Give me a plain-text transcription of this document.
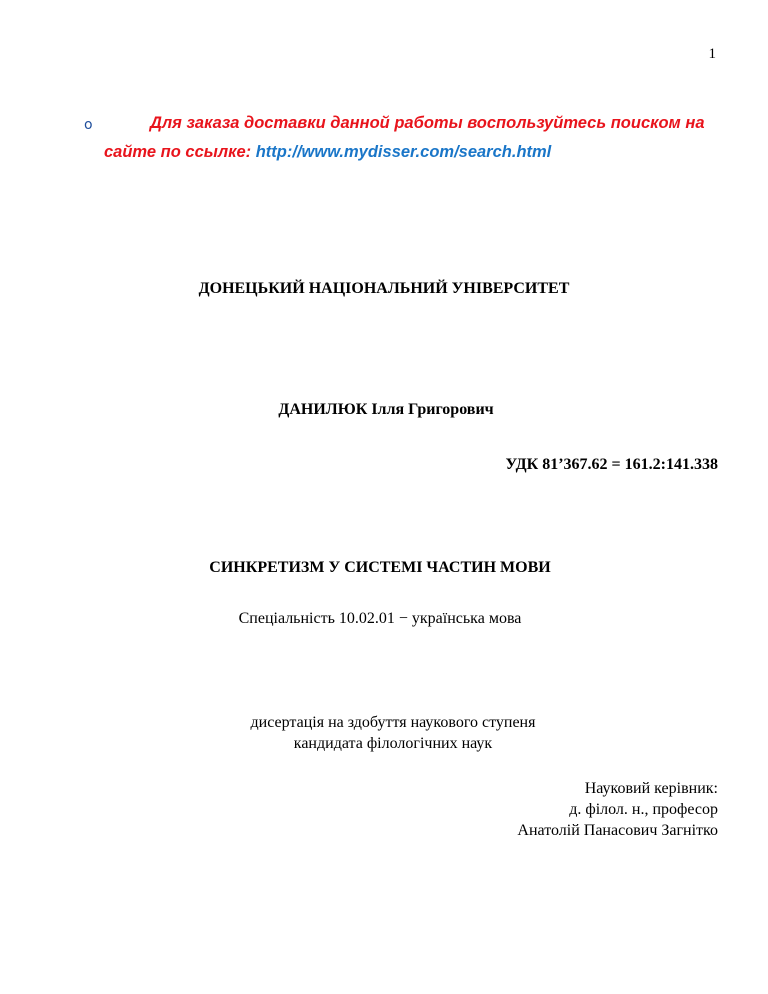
1
o	Для заказа доставки данной работы воспользуйтесь поиском на
сайте по ссылке: http://www.mydisser.com/search.html
ДОНЕЦЬКИЙ НАЦІОНАЛЬНИЙ УНІВЕРСИТЕТ
ДАНИЛЮК Ілля Григорович
УДК 81’367.62 = 161.2:141.338
СИНКРЕТИЗМ У СИСТЕМІ ЧАСТИН МОВИ
Спеціальність 10.02.01 − українська мова
дисертація на здобуття наукового ступеня
кандидата філологічних наук
Науковий керівник:
д. філол. н., професор
Анатолій Панасович Загнітко
